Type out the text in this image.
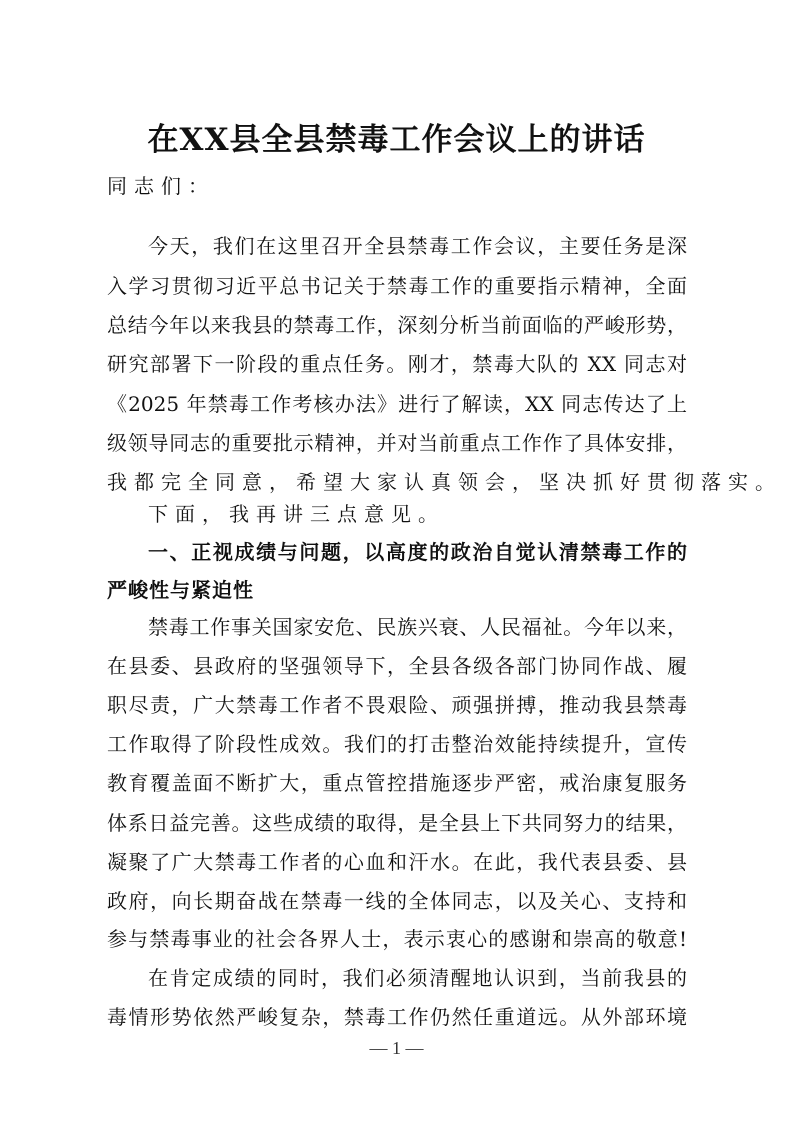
在XX县全县禁毒工作会议上的讲话
同志们：
今天，我们在这里召开全县禁毒工作会议，主要任务是深
入学习贯彻习近平总书记关于禁毒工作的重要指示精神，全面
总结今年以来我县的禁毒工作，深刻分析当前面临的严峻形势，
研究部署下一阶段的重点任务。刚才，禁毒大队的 XX 同志对
《2025 年禁毒工作考核办法》进行了解读，XX 同志传达了上
级领导同志的重要批示精神，并对当前重点工作作了具体安排，
我都完全同意，希望大家认真领会，坚决抓好贯彻落实。
下面，我再讲三点意见。
一、正视成绩与问题，以高度的政治自觉认清禁毒工作的
严峻性与紧迫性
禁毒工作事关国家安危、民族兴衰、人民福祉。今年以来，
在县委、县政府的坚强领导下，全县各级各部门协同作战、履
职尽责，广大禁毒工作者不畏艰险、顽强拼搏，推动我县禁毒
工作取得了阶段性成效。我们的打击整治效能持续提升，宣传
教育覆盖面不断扩大，重点管控措施逐步严密，戒治康复服务
体系日益完善。这些成绩的取得，是全县上下共同努力的结果，
凝聚了广大禁毒工作者的心血和汗水。在此，我代表县委、县
政府，向长期奋战在禁毒一线的全体同志，以及关心、支持和
参与禁毒事业的社会各界人士，表示衷心的感谢和崇高的敬意!
在肯定成绩的同时，我们必须清醒地认识到，当前我县的
毒情形势依然严峻复杂，禁毒工作仍然任重道远。从外部环境
— 1 —
